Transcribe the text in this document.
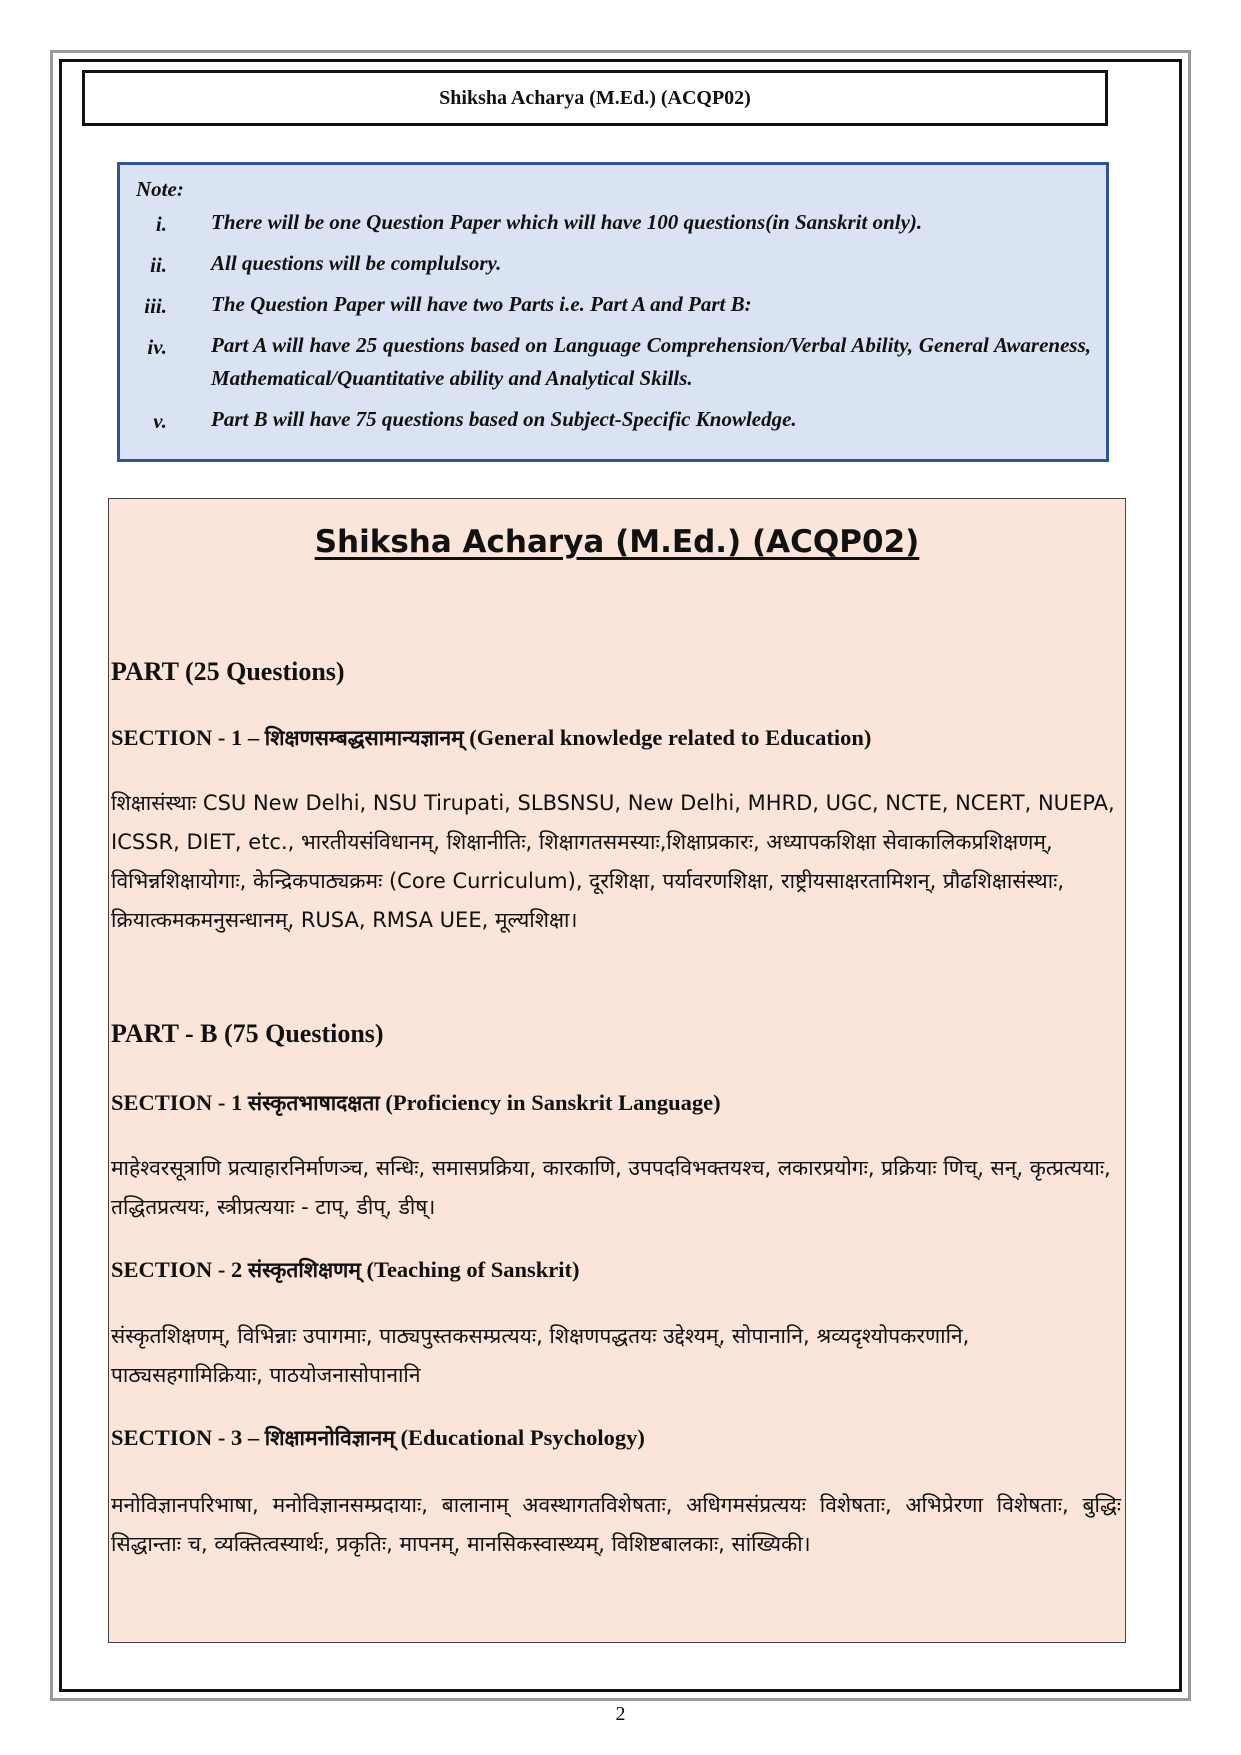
Shiksha Acharya (M.Ed.) (ACQP02)
Note:
i. There will be one Question Paper which will have 100 questions(in Sanskrit only).
ii. All questions will be complulsory.
iii. The Question Paper will have two Parts i.e. Part A and Part B:
iv. Part A will have 25 questions based on Language Comprehension/Verbal Ability, General Awareness, Mathematical/Quantitative ability and Analytical Skills.
v. Part B will have 75 questions based on Subject-Specific Knowledge.
Shiksha Acharya (M.Ed.) (ACQP02)
PART (25 Questions)
SECTION - 1 – शिक्षणसम्बद्धसामान्यज्ञानम् (General knowledge related to Education)
शिक्षासंस्थाः CSU New Delhi, NSU Tirupati, SLBSNSU, New Delhi, MHRD, UGC, NCTE, NCERT, NUEPA, ICSSR, DIET, etc., भारतीयसंविधानम्, शिक्षानीतिः, शिक्षागतसमस्याः,शिक्षाप्रकारः, अध्यापकशिक्षा सेवाकालिकप्रशिक्षणम्, विभिन्नशिक्षायोगाः, केन्द्रिकपाठ्यक्रमः (Core Curriculum), दूरशिक्षा, पर्यावरणशिक्षा, राष्ट्रीयसाक्षरतामिशन्, प्रौढशिक्षासंस्थाः, क्रियात्कमकमनुसन्धानम्, RUSA, RMSA UEE, मूल्यशिक्षा।
PART - B (75 Questions)
SECTION - 1 संस्कृतभाषादक्षता (Proficiency in Sanskrit Language)
माहेश्वरसूत्राणि प्रत्याहारनिर्माणञ्च, सन्धिः, समासप्रक्रिया, कारकाणि, उपपदविभक्तयश्च, लकारप्रयोगः, प्रक्रियाः णिच्, सन्, कृत्प्रत्ययाः, तद्धितप्रत्ययः, स्त्रीप्रत्ययाः - टाप्, डीप्, डीष्।
SECTION - 2 संस्कृतशिक्षणम् (Teaching of Sanskrit)
संस्कृतशिक्षणम्, विभिन्नाः उपागमाः, पाठ्यपुस्तकसम्प्रत्ययः, शिक्षणपद्धतयः उद्देश्यम्, सोपानानि, श्रव्यदृश्योपकरणानि, पाठ्यसहगामिक्रियाः, पाठयोजनासोपानानि
SECTION - 3 – शिक्षामनोविज्ञानम् (Educational Psychology)
मनोविज्ञानपरिभाषा, मनोविज्ञानसम्प्रदायाः, बालानाम् अवस्थागतविशेषताः, अधिगमसंप्रत्ययः विशेषताः, अभिप्रेरणा विशेषताः, बुद्धिः सिद्धान्ताः च, व्यक्तित्वस्यार्थः, प्रकृतिः, मापनम्, मानसिकस्वास्थ्यम्, विशिष्टबालकाः, सांख्यिकी।
2
